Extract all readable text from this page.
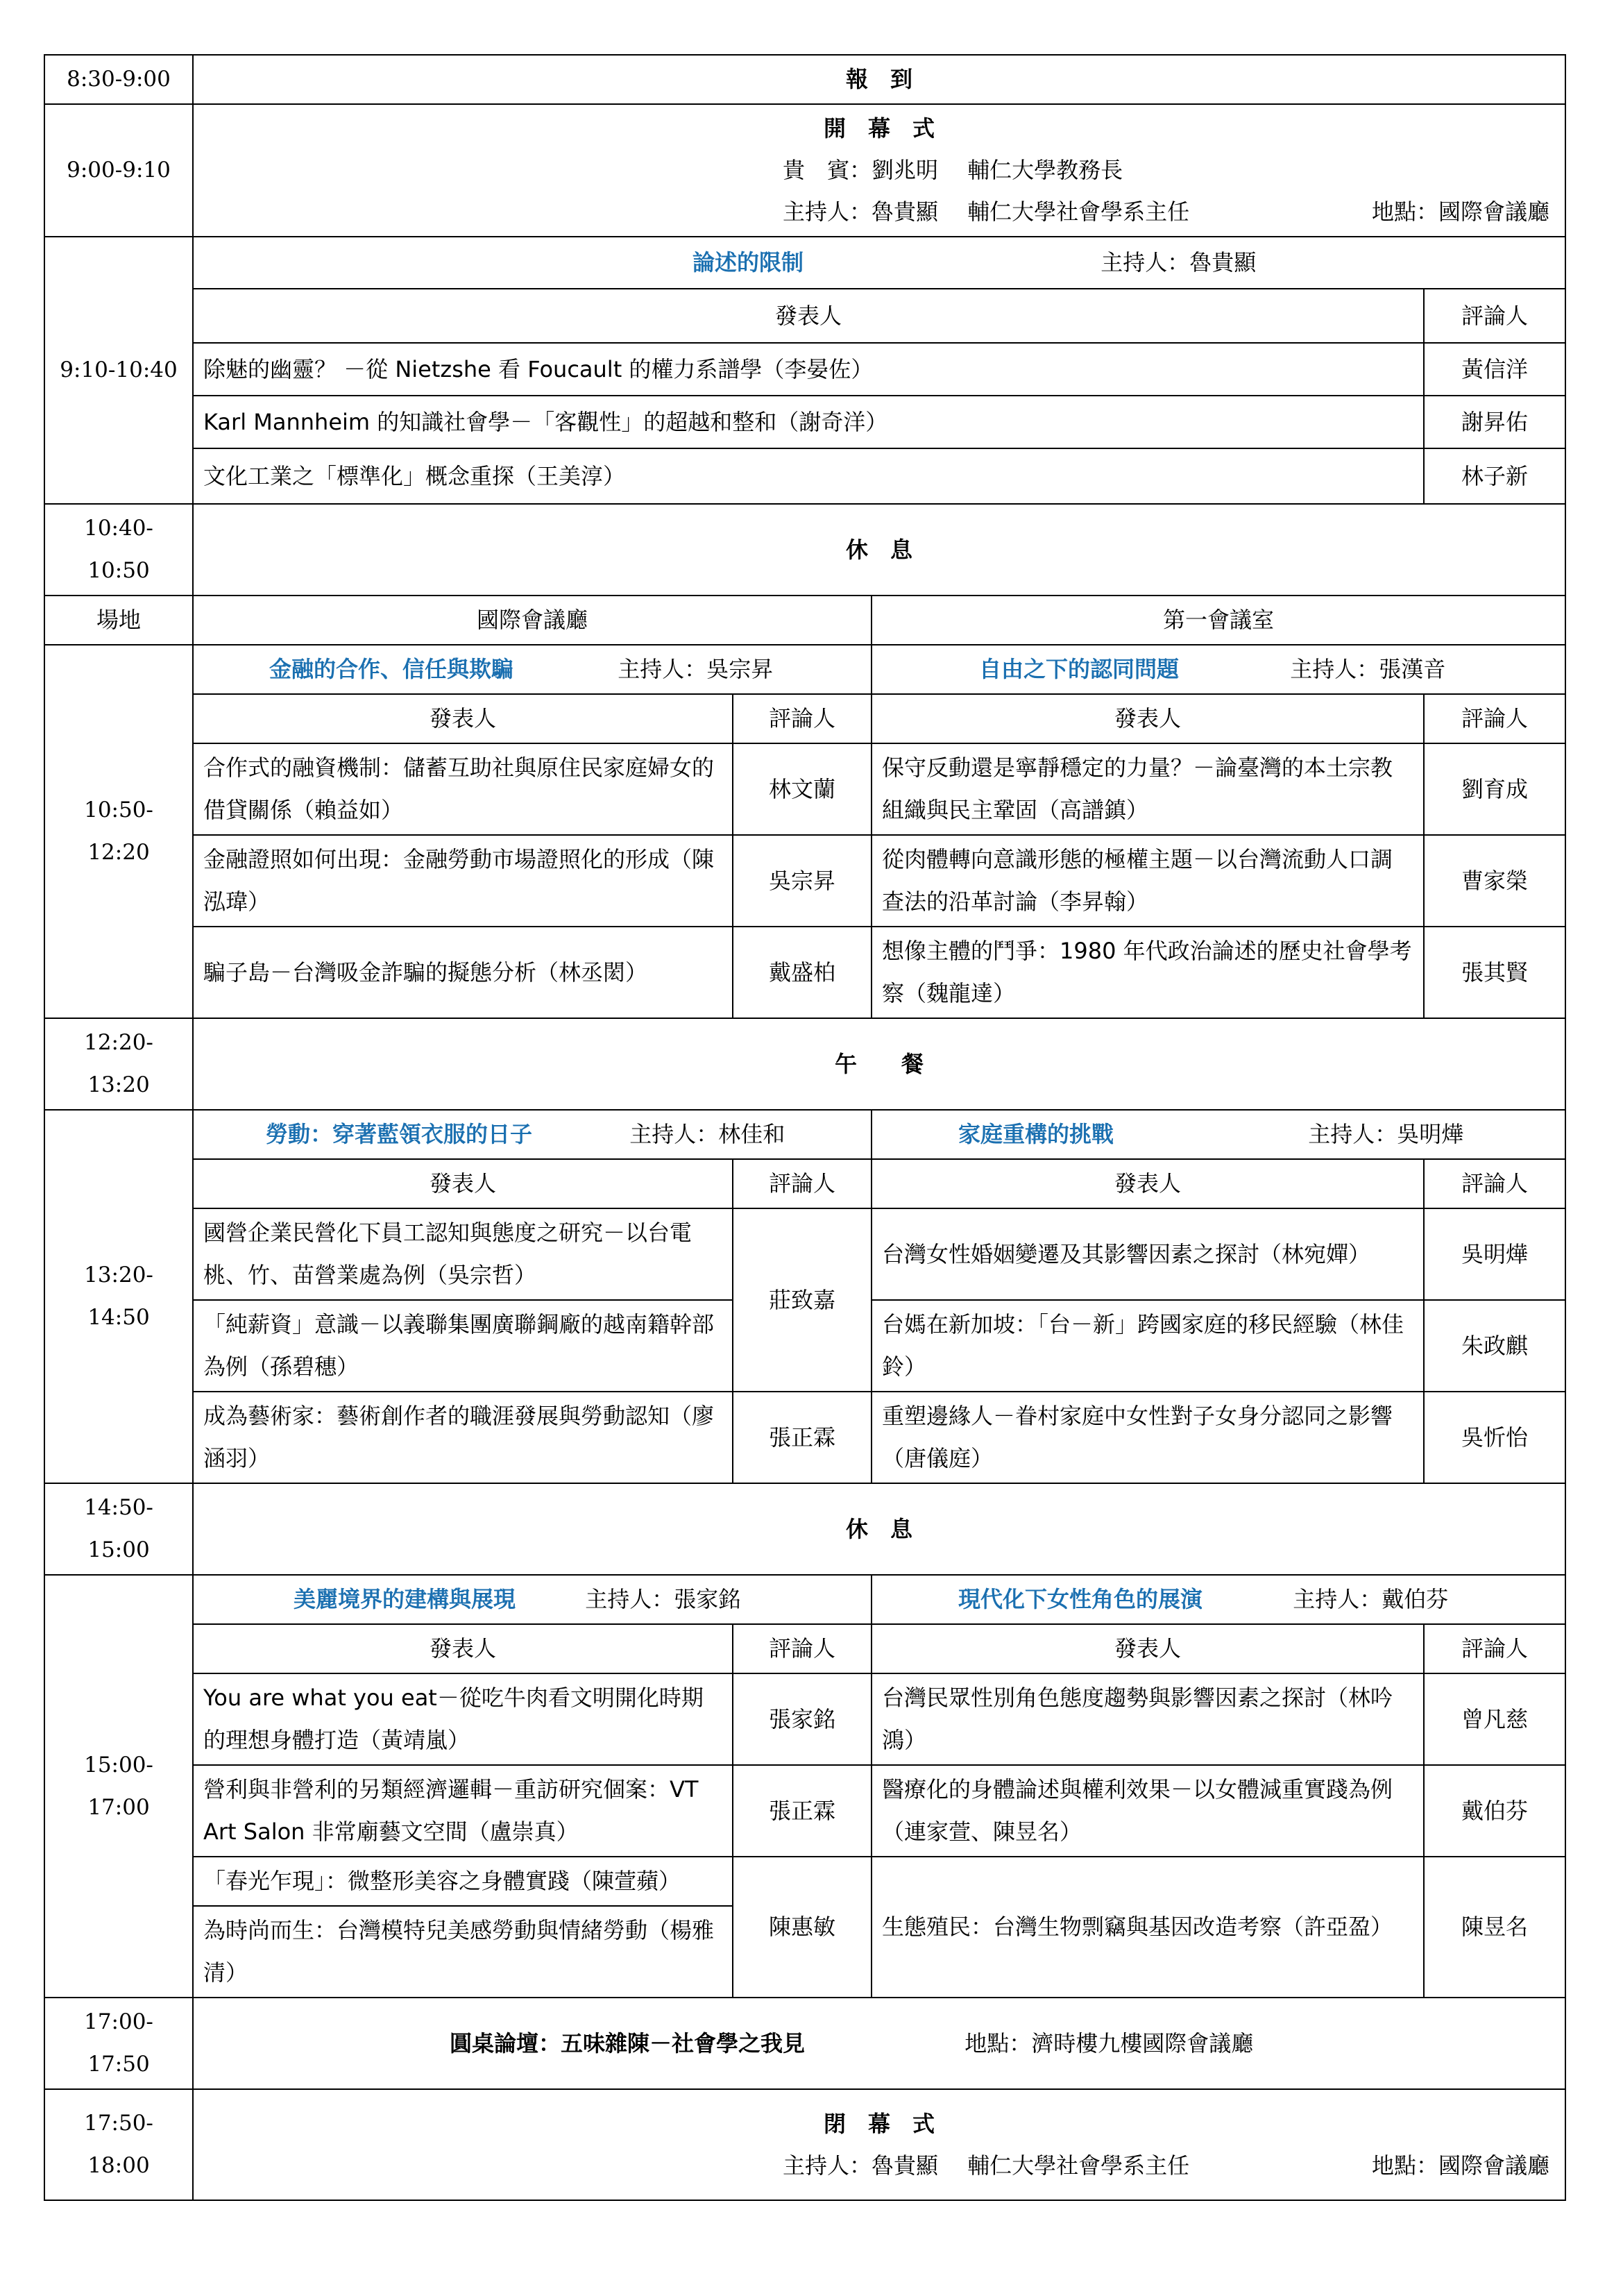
8:30-9:00	報　到			
9:00-9:10	開　幕　式
貴　賓：劉兆明　 輔仁大學教務長
主持人：魯貴顯　 輔仁大學社會學系主任 地點：國際會議廳			

9:10-10:40	論述的限制 主持人：魯貴顯			
	發表人			評論人
	除魅的幽靈？ －從 Nietzshe 看 Foucault 的權力系譜學（李晏佐）			黃信洋
	Karl Mannheim 的知識社會學－「客觀性」的超越和整和（謝奇洋）			謝昇佑
	文化工業之「標準化」概念重探（王美淳）			林子新
10:40-10:50	休　息			
場地	國際會議廳		第一會議室	
10:50-12:20	金融的合作、信任與欺騙 主持人：吳宗昇		自由之下的認同問題 主持人：張漢音	
	發表人	評論人	發表人	評論人
	合作式的融資機制：儲蓄互助社與原住民家庭婦女的借貸關係（賴益如）	林文蘭	保守反動還是寧靜穩定的力量？－論臺灣的本土宗教組織與民主鞏固（高譜鎮）	劉育成
	金融證照如何出現：金融勞動市場證照化的形成（陳泓瑋）	吳宗昇	從肉體轉向意識形態的極權主題－以台灣流動人口調查法的沿革討論（李昇翰）	曹家榮
	騙子島－台灣吸金詐騙的擬態分析（林丞閎）	戴盛柏	想像主體的鬥爭：1980 年代政治論述的歷史社會學考察（魏龍達）	張其賢
12:20-13:20	午　　餐			
13:20-14:50	勞動：穿著藍領衣服的日子 主持人：林佳和		家庭重構的挑戰 主持人：吳明燁	
	發表人	評論人	發表人	評論人
	國營企業民營化下員工認知與態度之研究－以台電桃、竹、苗營業處為例（吳宗哲）	莊致嘉	台灣女性婚姻變遷及其影響因素之探討（林宛嬋）	吳明燁
	「純薪資」意識－以義聯集團廣聯鋼廠的越南籍幹部為例（孫碧穗）		台媽在新加坡：「台－新」跨國家庭的移民經驗（林佳鈴）	朱政麒
	成為藝術家：藝術創作者的職涯發展與勞動認知（廖涵羽）	張正霖	重塑邊緣人－眷村家庭中女性對子女身分認同之影響（唐儀庭）	吳忻怡
14:50-15:00	休　息			
15:00-17:00	美麗境界的建構與展現 主持人：張家銘		現代化下女性角色的展演 主持人：戴伯芬	
	發表人	評論人	發表人	評論人
	You are what you eat－從吃牛肉看文明開化時期的理想身體打造（黃靖嵐）	張家銘	台灣民眾性別角色態度趨勢與影響因素之探討（林吟鴻）	曾凡慈
	營利與非營利的另類經濟邏輯－重訪研究個案：VT Art Salon 非常廟藝文空間（盧崇真）	張正霖	醫療化的身體論述與權利效果－以女體減重實踐為例（連家萱、陳昱名）	戴伯芬
	「春光乍現」：微整形美容之身體實踐（陳萱蘋）	陳惠敏	生態殖民：台灣生物剽竊與基因改造考察（許亞盈）	陳昱名
	為時尚而生：台灣模特兒美感勞動與情緒勞動（楊雅清）			
17:00-17:50	圓桌論壇：五味雜陳－社會學之我見 地點：濟時樓九樓國際會議廳			
17:50-18:00	閉　幕　式
主持人：魯貴顯　 輔仁大學社會學系主任 地點：國際會議廳			
